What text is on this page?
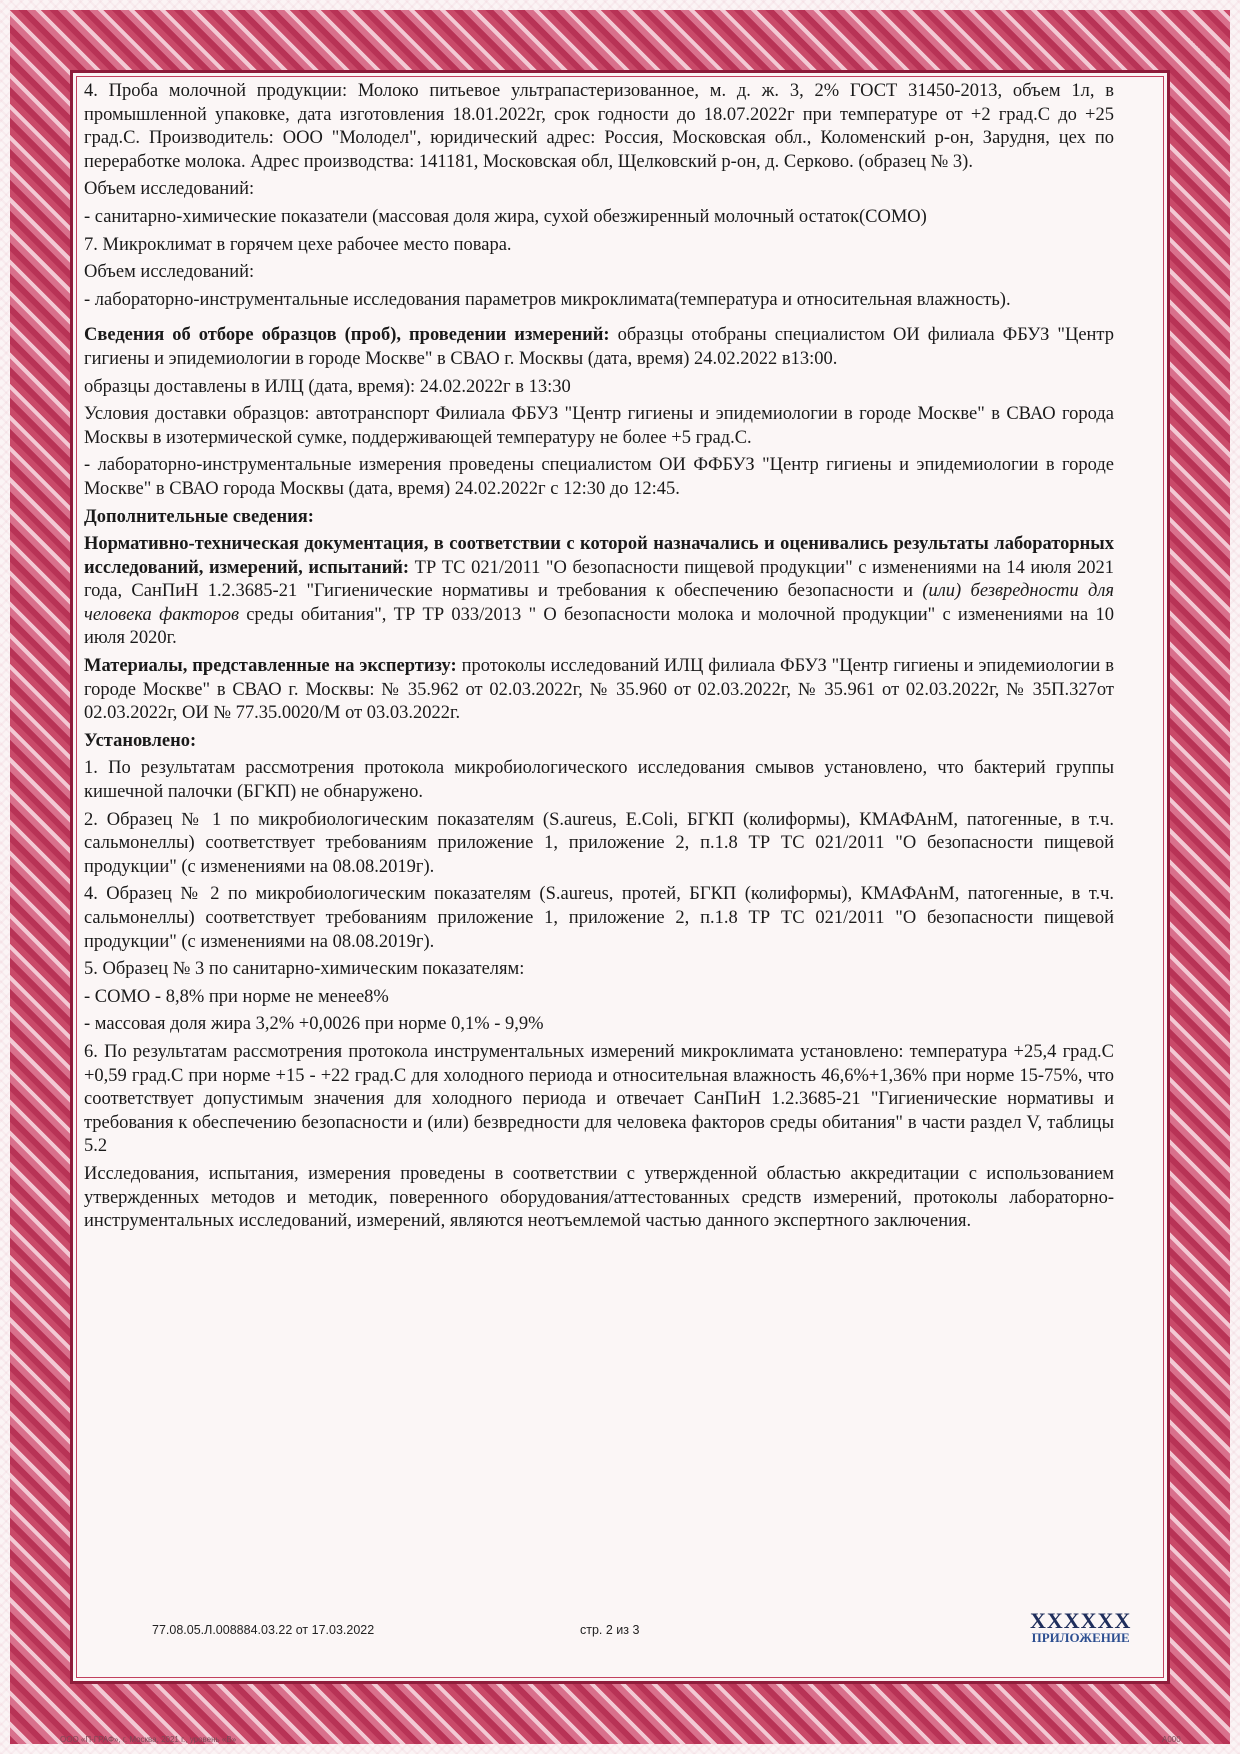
4. Проба молочной продукции: Молоко питьевое ультрапастеризованное, м. д. ж. 3, 2% ГОСТ 31450-2013, объем 1л, в промышленной упаковке, дата изготовления 18.01.2022г, срок годности до 18.07.2022г при температуре от +2 град.С до +25 град.С. Производитель: ООО "Молодел", юридический адрес: Россия, Московская обл., Коломенский р-он, Зарудня, цех по переработке молока. Адрес производства: 141181, Московская обл, Щелковский р-он, д. Серково. (образец № 3).

Объем исследований:

- санитарно-химические показатели (массовая доля жира, сухой обезжиренный молочный остаток(СОМО)

7. Микроклимат в горячем цехе рабочее место повара.

Объем исследований:

- лабораторно-инструментальные исследования параметров микроклимата(температура и относительная влажность).

Сведения об отборе образцов (проб), проведении измерений: образцы отобраны специалистом ОИ филиала ФБУЗ "Центр гигиены и эпидемиологии в городе Москве" в СВАО г. Москвы (дата, время) 24.02.2022 в13:00.

образцы доставлены в ИЛЦ (дата, время): 24.02.2022г в 13:30

Условия доставки образцов: автотранспорт Филиала ФБУЗ "Центр гигиены и эпидемиологии в городе Москве" в СВАО города Москвы в изотермической сумке, поддерживающей температуру не более +5 град.С.

- лабораторно-инструментальные измерения проведены специалистом ОИ ФФБУЗ "Центр гигиены и эпидемиологии в городе Москве" в СВАО города Москвы (дата, время) 24.02.2022г с 12:30 до 12:45.

Дополнительные сведения:

Нормативно-техническая документация, в соответствии с которой назначались и оценивались результаты лабораторных исследований, измерений, испытаний: ТР ТС 021/2011 "О безопасности пищевой продукции" с изменениями на 14 июля 2021 года, СанПиН 1.2.3685-21 "Гигиенические нормативы и требования к обеспечению безопасности и (или) безвредности для человека факторов среды обитания", ТР ТР 033/2013 " О безопасности молока и молочной продукции" с изменениями на 10 июля 2020г.

Материалы, представленные на экспертизу: протоколы исследований ИЛЦ филиала ФБУЗ "Центр гигиены и эпидемиологии в городе Москве" в СВАО г. Москвы: № 35.962 от 02.03.2022г, № 35.960 от 02.03.2022г, № 35.961 от 02.03.2022г, № 35П.327от 02.03.2022г, ОИ № 77.35.0020/М от 03.03.2022г.

Установлено:

1. По результатам рассмотрения протокола микробиологического исследования смывов установлено, что бактерий группы кишечной палочки (БГКП) не обнаружено.

2. Образец № 1 по микробиологическим показателям (S.aureus, E.Coli, БГКП (колиформы), КМАФАнМ, патогенные, в т.ч. сальмонеллы) соответствует требованиям приложение 1, приложение 2, п.1.8 ТР ТС 021/2011 "О безопасности пищевой продукции" (с изменениями на 08.08.2019г).

4. Образец № 2 по микробиологическим показателям (S.aureus, протей, БГКП (колиформы), КМАФАнМ, патогенные, в т.ч. сальмонеллы) соответствует требованиям приложение 1, приложение 2, п.1.8 ТР ТС 021/2011 "О безопасности пищевой продукции" (с изменениями на 08.08.2019г).

5. Образец № 3 по санитарно-химическим показателям:

- СОМО - 8,8% при норме не менее8%

- массовая доля жира 3,2% +0,0026 при норме 0,1% - 9,9%

6. По результатам рассмотрения протокола инструментальных измерений микроклимата установлено: температура +25,4 град.С +0,59 град.С при норме +15 - +22 град.С для холодного периода и относительная влажность 46,6%+1,36% при норме 15-75%, что соответствует допустимым значения для холодного периода и отвечает СанПиН 1.2.3685-21 "Гигиенические нормативы и требования к обеспечению безопасности и (или) безвредности для человека факторов среды обитания" в части раздел V, таблицы 5.2

Исследования, испытания, измерения проведены в соответствии с утвержденной областью аккредитации с использованием утвержденных методов и методик, поверенного оборудования/аттестованных средств измерений, протоколы лабораторно-инструментальных исследований, измерений, являются неотъемлемой частью данного экспертного заключения.

77.08.05.Л.008884.03.22 от 17.03.2022	стр. 2 из 3	XXXXXX
ПРИЛОЖЕНИЕ
ООО «П-ГРАФ», г. Москва, 2021 г., уровень «В»	А000
